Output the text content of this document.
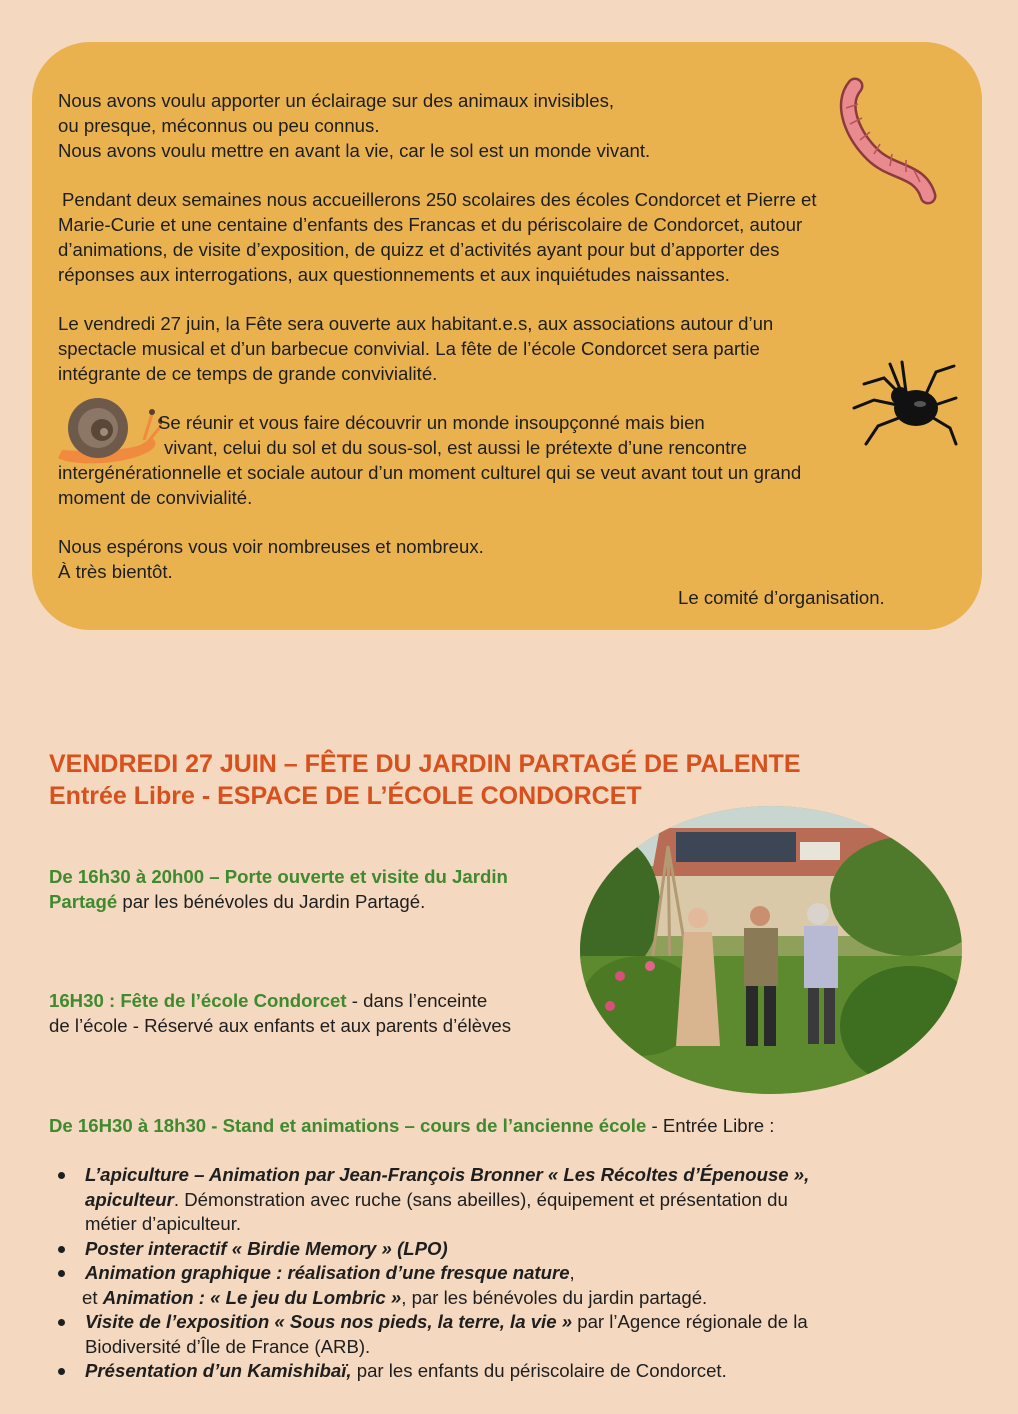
Nous avons voulu apporter un éclairage sur des animaux invisibles,
ou presque, méconnus ou peu connus.
Nous avons voulu mettre en avant la vie, car le sol est un monde vivant.

Pendant deux semaines nous accueillerons 250 scolaires des écoles Condorcet et Pierre et
Marie-Curie et une centaine d’enfants des Francas et du périscolaire de Condorcet, autour
d’animations, de visite d’exposition, de quizz et d’activités ayant pour but d’apporter des
réponses aux interrogations, aux questionnements et aux inquiétudes naissantes.

Le vendredi 27 juin, la Fête sera ouverte aux habitant.e.s, aux associations autour d’un
spectacle musical et d’un barbecue convivial. La fête de l’école Condorcet sera partie
intégrante de ce temps de grande convivialité.

Se réunir et vous faire découvrir un monde insoupçonné mais bien
vivant, celui du sol et du sous-sol, est aussi le prétexte d’une rencontre
intergénérationnelle et sociale autour d’un moment culturel qui se veut avant tout un grand
moment de convivialité.

Nous espérons vous voir nombreuses et nombreux.
À très bientôt.

Le comité d’organisation.
VENDREDI 27 JUIN – FÊTE DU JARDIN PARTAGÉ DE PALENTE
Entrée Libre - ESPACE DE L’ÉCOLE CONDORCET
De 16h30 à 20h00 – Porte ouverte et visite du Jardin
Partagé par les bénévoles du Jardin Partagé.
16H30 : Fête de l’école Condorcet - dans l’enceinte
de l’école - Réservé aux enfants et aux parents d’élèves
De 16H30 à 18h30 - Stand et animations – cours de l’ancienne école - Entrée Libre :
L’apiculture – Animation par Jean-François Bronner « Les Récoltes d’Épenouse »,
apiculteur. Démonstration avec ruche (sans abeilles), équipement et présentation du
métier d’apiculteur.
Poster interactif « Birdie Memory » (LPO)
Animation graphique : réalisation d’une fresque nature,
et Animation : « Le jeu du Lombric », par les bénévoles du jardin partagé.
Visite de l’exposition « Sous nos pieds, la terre, la vie » par l’Agence régionale de la
Biodiversité d’Île de France (ARB).
Présentation d’un Kamishibaï, par les enfants du périscolaire de Condorcet.
